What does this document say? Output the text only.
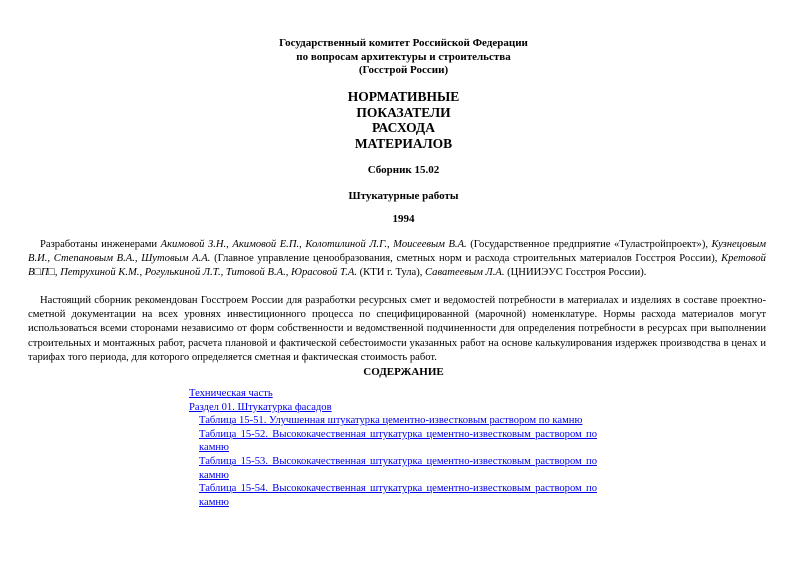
Государственный комитет Российской Федерации
по вопросам архитектуры и строительства
(Госстрой России)
НОРМАТИВНЫЕ
ПОКАЗАТЕЛИ
РАСХОДА
МАТЕРИАЛОВ
Сборник 15.02
Штукатурные работы
1994

Разработаны инженерами Акимовой З.Н., Акимовой Е.П., Колотилиной Л.Г., Моисеевым В.А. (Государственное предприятие «Туластройпроект»), Кузнецовым В.И., Степановым В.А., Шутовым А.А. (Главное управление ценообразования, сметных норм и расхода строительных материалов Госстроя России), Кретовой В□П□, Петрухиной К.М., Рогулькиной Л.Т., Титовой В.А., Юрасовой Т.А. (КТИ г. Тула), Саватеевым Л.А. (ЦНИИЭУС Госстроя России).

Настоящий сборник рекомендован Госстроем России для разработки ресурсных смет и ведомостей потребности в материалах и изделиях в составе проектно-сметной документации на всех уровнях инвестиционного процесса по специфицированной (марочной) номенклатуре. Нормы расхода материалов могут использоваться всеми сторонами независимо от форм собственности и ведомственной подчиненности для определения потребности в ресурсах при выполнении строительных и монтажных работ, расчета плановой и фактической себестоимости указанных работ на основе калькулирования издержек производства в ценах и тарифах того периода, для которого определяется сметная и фактическая стоимость работ.

СОДЕРЖАНИЕ
Техническая часть
Раздел 01. Штукатурка фасадов
Таблица 15-51. Улучшенная штукатурка цементно-известковым раствором по камню
Таблица 15-52. Высококачественная штукатурка цементно-известковым раствором по камню
Таблица 15-53. Высококачественная штукатурка цементно-известковым раствором по камню
Таблица 15-54. Высококачественная штукатурка цементно-известковым раствором по камню
